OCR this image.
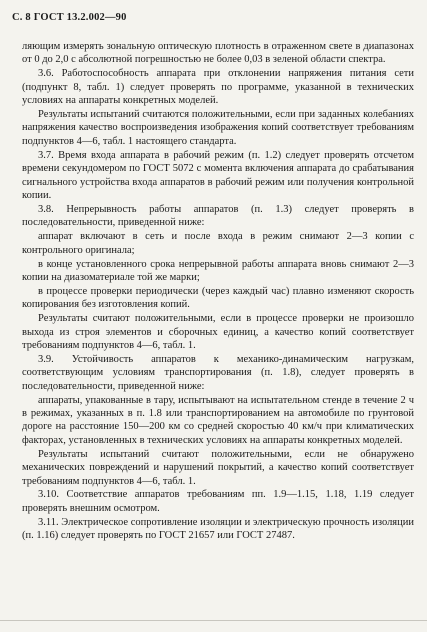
С. 8 ГОСТ 13.2.002—90

ляющим измерять зональную оптическую плотность в отраженном свете в диапазонах от 0 до 2,0 с абсолютной погрешностью не более 0,03 в зеленой области спектра.

3.6. Работоспособность аппарата при отклонении напряжения питания сети (подпункт 8, табл. 1) следует проверять по программе, указанной в технических условиях на аппараты конкретных моделей.

Результаты испытаний считаются положительными, если при заданных колебаниях напряжения качество воспроизведения изображения копий соответствует требованиям подпунктов 4—6, табл. 1 настоящего стандарта.

3.7. Время входа аппарата в рабочий режим (п. 1.2) следует проверять отсчетом времени секундомером по ГОСТ 5072 с момента включения аппарата до срабатывания сигнального устройства входа аппаратов в рабочий режим или получения контрольной копии.

3.8. Непрерывность работы аппаратов (п. 1.3) следует проверять в последовательности, приведенной ниже:

аппарат включают в сеть и после входа в режим снимают 2—3 копии с контрольного оригинала;

в конце установленного срока непрерывной работы аппарата вновь снимают 2—3 копии на диазоматериале той же марки;

в процессе проверки периодически (через каждый час) плавно изменяют скорость копирования без изготовления копий.

Результаты считают положительными, если в процессе проверки не произошло выхода из строя элементов и сборочных единиц, а качество копий соответствует требованиям подпунктов 4—6, табл. 1.

3.9. Устойчивость аппаратов к механико-динамическим нагрузкам, соответствующим условиям транспортирования (п. 1.8), следует проверять в последовательности, приведенной ниже:

аппараты, упакованные в тару, испытывают на испытательном стенде в течение 2 ч в режимах, указанных в п. 1.8 или транспортированием на автомобиле по грунтовой дороге на расстояние 150—200 км со средней скоростью 40 км/ч при климатических факторах, установленных в технических условиях на аппараты конкретных моделей.

Результаты испытаний считают положительными, если не обнаружено механических повреждений и нарушений покрытий, а качество копий соответствует требованиям подпунктов 4—6, табл. 1.

3.10. Соответствие аппаратов требованиям пп. 1.9—1.15, 1.18, 1.19 следует проверять внешним осмотром.

3.11. Электрическое сопротивление изоляции и электрическую прочность изоляции (п. 1.16) следует проверять по ГОСТ 21657 или ГОСТ 27487.
